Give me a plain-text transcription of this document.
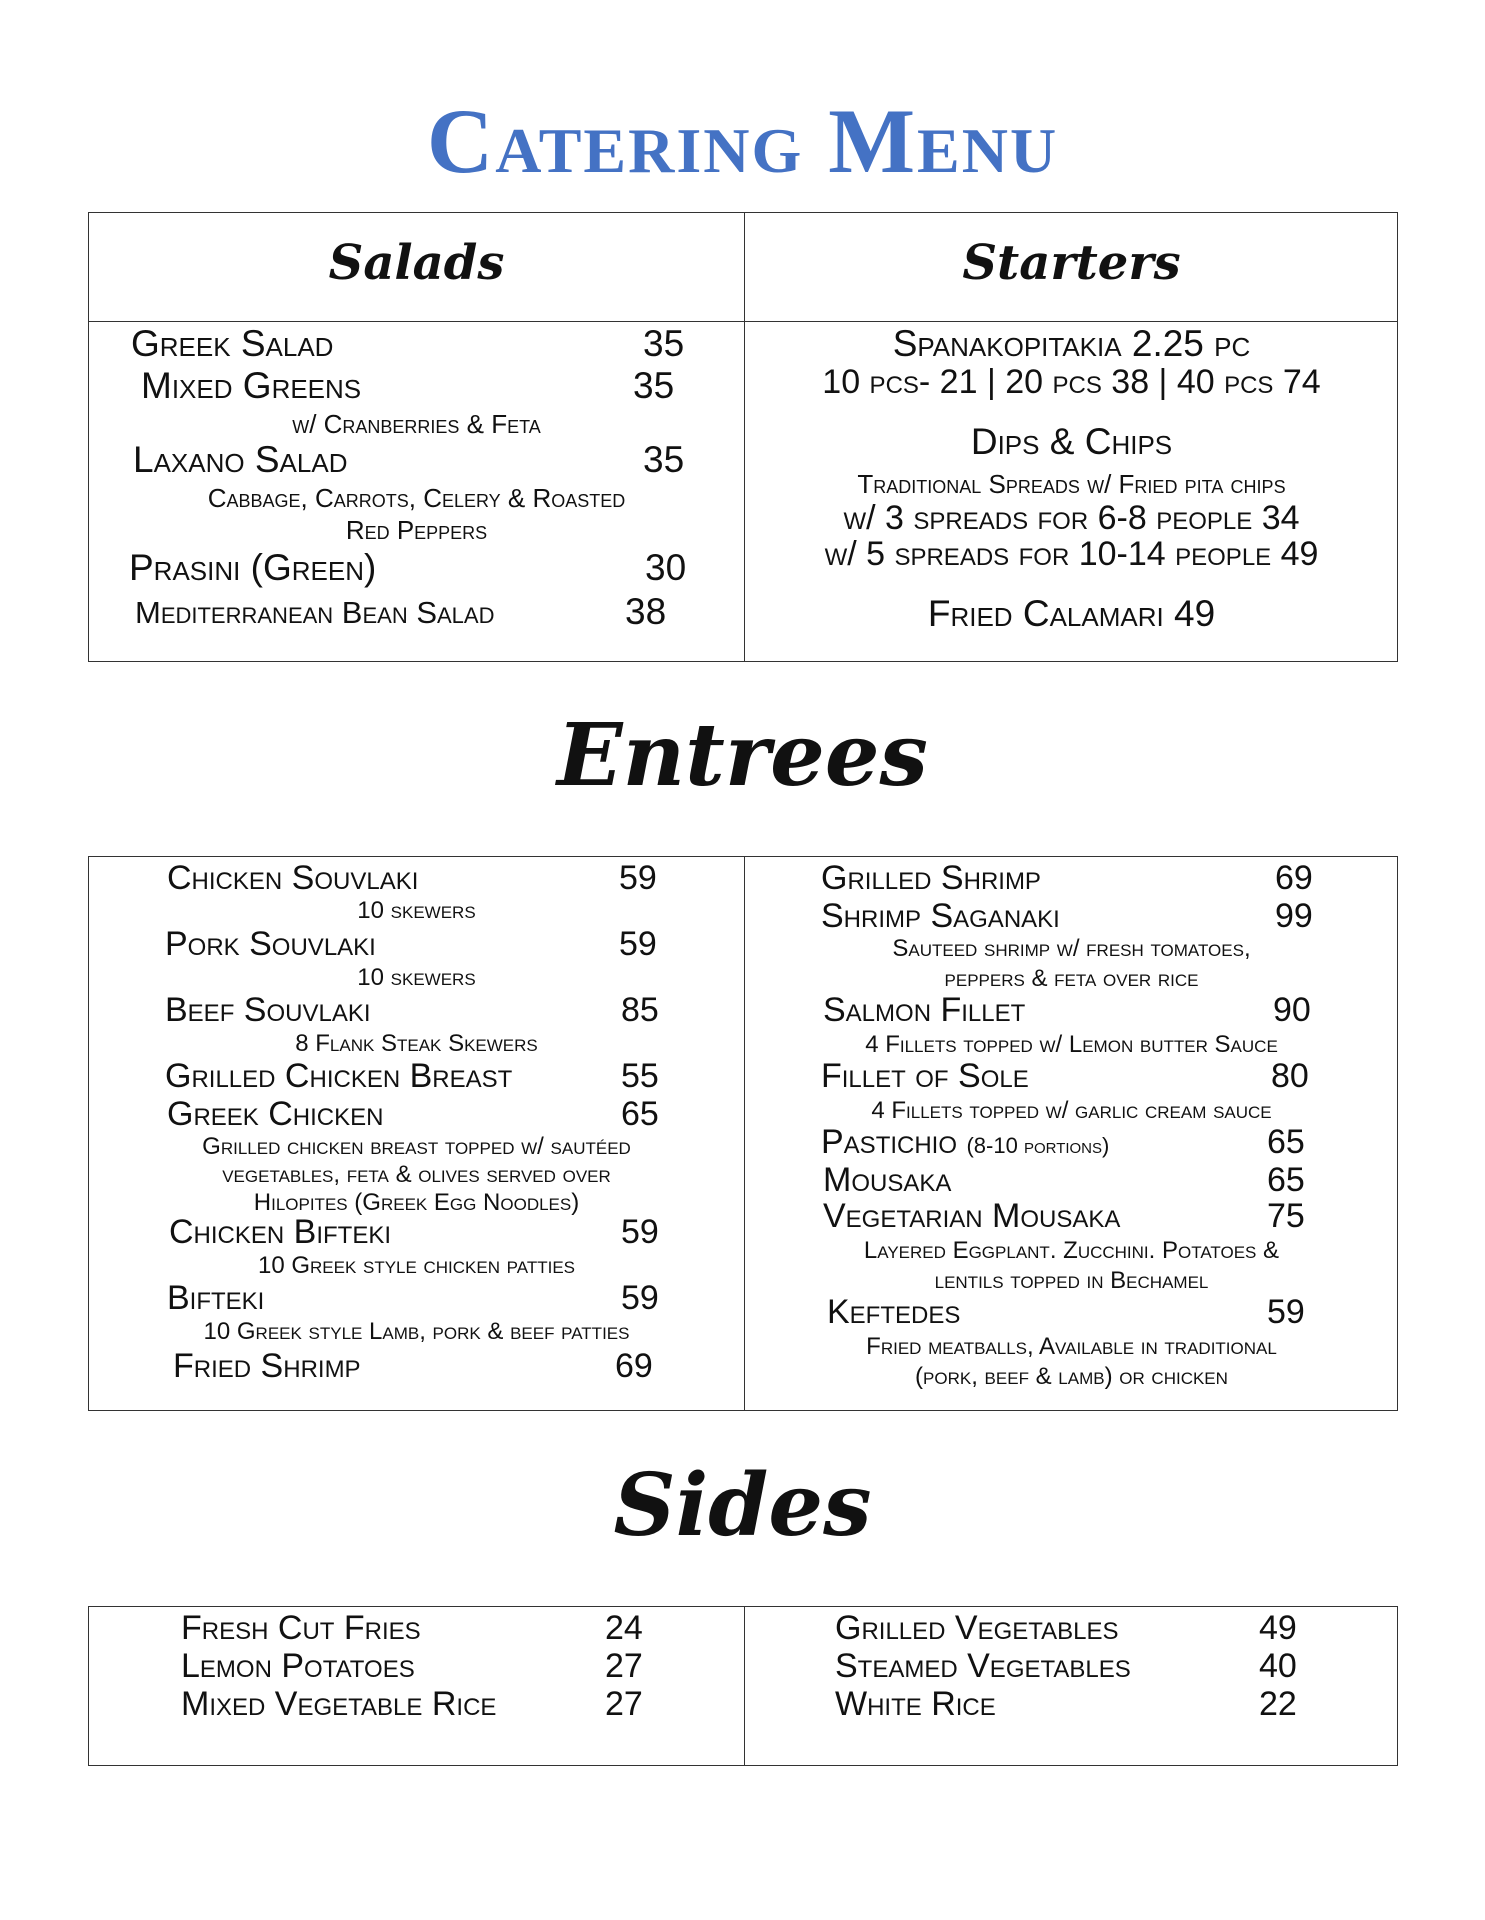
Catering Menu
Salads	Starters
Greek Salad	35
Mixed Greens	35
w/ Cranberries & Feta
Laxano Salad	35
Cabbage, Carrots, Celery & Roasted
Red Peppers
Prasini (Green)	30
Mediterranean Bean Salad	38
Spanakopitakia 2.25 pc
10 pcs- 21 | 20 pcs 38 | 40 pcs 74
Dips & Chips
Traditional Spreads w/ Fried pita chips
w/ 3 spreads for 6-8 people 34
w/ 5 spreads for 10-14 people 49
Fried Calamari 49
Entrees
Chicken Souvlaki	59
10 skewers
Pork Souvlaki	59
10 skewers
Beef Souvlaki	85
8 Flank Steak Skewers
Grilled Chicken Breast	55
Greek Chicken	65
Grilled chicken breast topped w/ sautéed
vegetables, feta & olives served over
Hilopites (Greek Egg Noodles)
Chicken Bifteki	59
10 Greek style chicken patties
Bifteki	59
10 Greek style Lamb, pork & beef patties
Fried Shrimp	69
Grilled Shrimp	69
Shrimp Saganaki	99
Sauteed shrimp w/ fresh tomatoes,
peppers & feta over rice
Salmon Fillet	90
4 Fillets topped w/ Lemon butter Sauce
Fillet of Sole	80
4 Fillets topped w/ garlic cream sauce
Pastichio (8-10 portions)	65
Mousaka	65
Vegetarian Mousaka	75
Layered Eggplant. Zucchini. Potatoes &
lentils topped in Bechamel
Keftedes	59
Fried meatballs, Available in traditional
(pork, beef & lamb) or chicken
Sides
Fresh Cut Fries	24
Lemon Potatoes	27
Mixed Vegetable Rice	27
Grilled Vegetables	49
Steamed Vegetables	40
White Rice	22
